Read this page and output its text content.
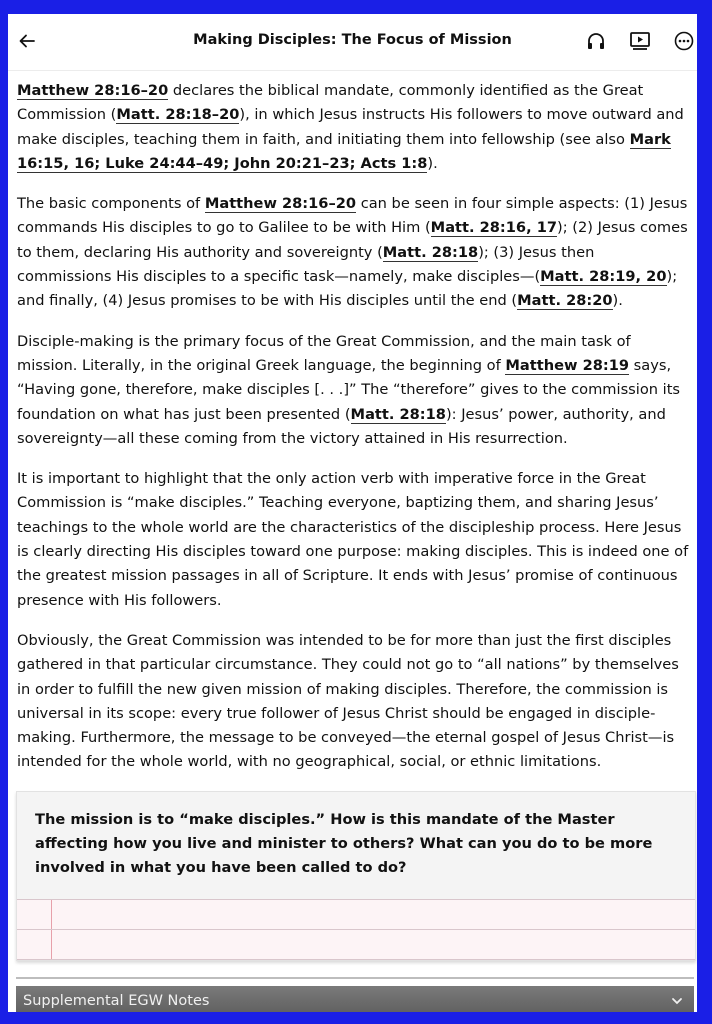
Making Disciples: The Focus of Mission

Matthew 28:16–20 declares the biblical mandate, commonly identified as the Great Commission (Matt. 28:18–20), in which Jesus instructs His followers to move outward and make disciples, teaching them in faith, and initiating them into fellowship (see also Mark 16:15, 16; Luke 24:44–49; John 20:21–23; Acts 1:8).

The basic components of Matthew 28:16–20 can be seen in four simple aspects: (1) Jesus commands His disciples to go to Galilee to be with Him (Matt. 28:16, 17); (2) Jesus comes to them, declaring His authority and sovereignty (Matt. 28:18); (3) Jesus then commissions His disciples to a specific task—namely, make disciples—(Matt. 28:19, 20); and finally, (4) Jesus promises to be with His disciples until the end (Matt. 28:20).

Disciple-making is the primary focus of the Great Commission, and the main task of mission. Literally, in the original Greek language, the beginning of Matthew 28:19 says, “Having gone, therefore, make disciples [. . .]” The “therefore” gives to the commission its foundation on what has just been presented (Matt. 28:18): Jesus’ power, authority, and sovereignty—all these coming from the victory attained in His resurrection.

It is important to highlight that the only action verb with imperative force in the Great Commission is “make disciples.” Teaching everyone, baptizing them, and sharing Jesus’ teachings to the whole world are the characteristics of the discipleship process. Here Jesus is clearly directing His disciples toward one purpose: making disciples. This is indeed one of the greatest mission passages in all of Scripture. It ends with Jesus’ promise of continuous presence with His followers.

Obviously, the Great Commission was intended to be for more than just the first disciples gathered in that particular circumstance. They could not go to “all nations” by themselves in order to fulfill the new given mission of making disciples. Therefore, the commission is universal in its scope: every true follower of Jesus Christ should be engaged in disciple-making. Furthermore, the message to be conveyed—the eternal gospel of Jesus Christ—is intended for the whole world, with no geographical, social, or ethnic limitations.

The mission is to “make disciples.” How is this mandate of the Master affecting how you live and minister to others? What can you do to be more involved in what you have been called to do?
Supplemental EGW Notes
